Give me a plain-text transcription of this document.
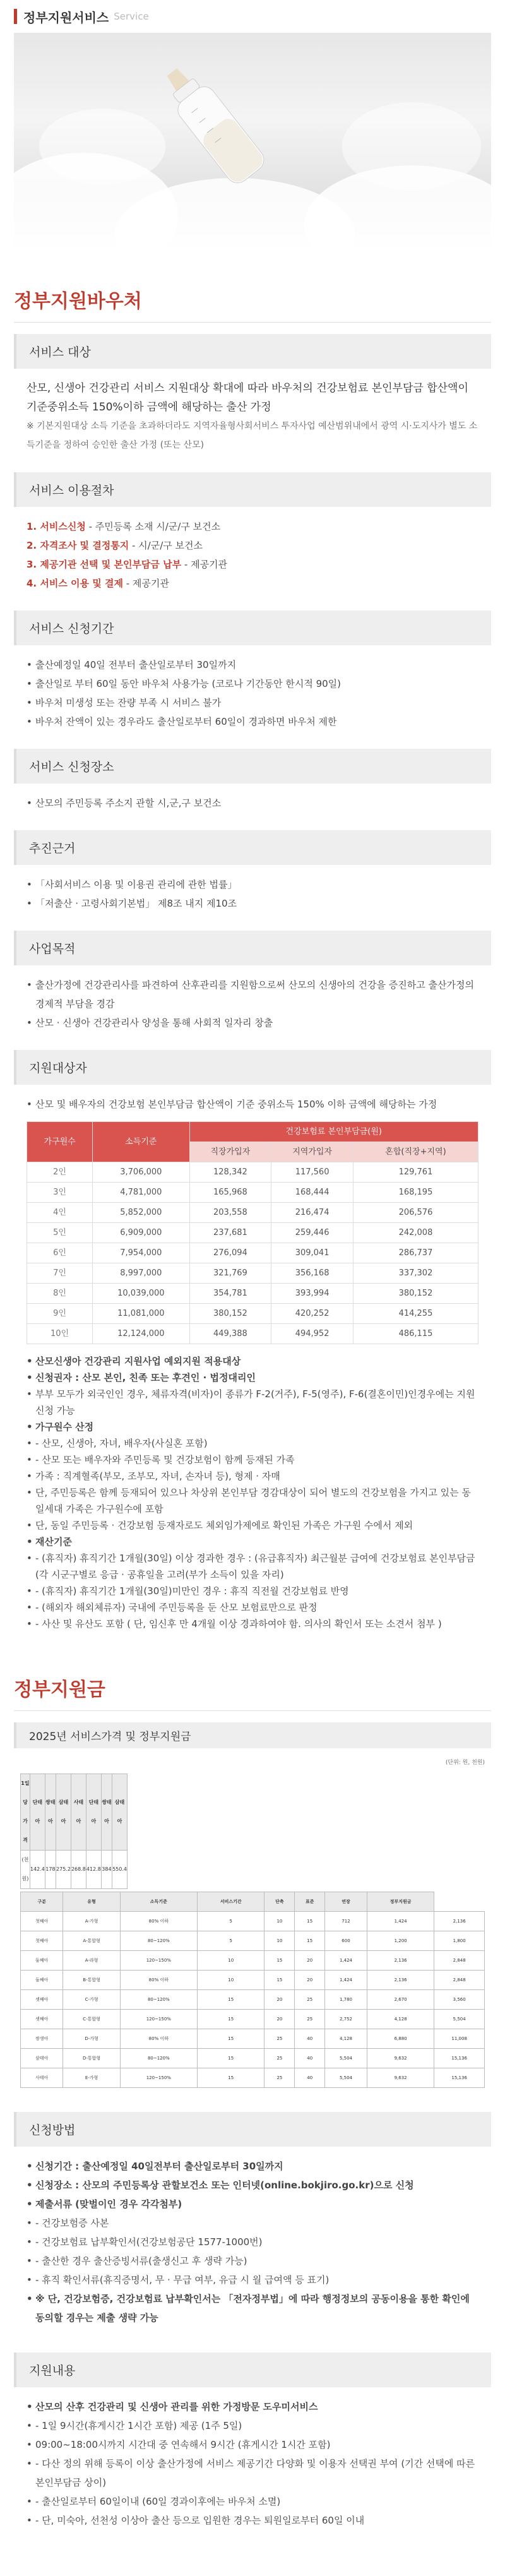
정부지원서비스 Service
정부지원바우처
서비스 대상

산모, 신생아 건강관리 서비스 지원대상 확대에 따라 바우처의 건강보험료 본인부담금 합산액이 기준중위소득 150%이하 금액에 해당하는 출산 가정

※ 기본지원대상 소득 기준을 초과하더라도 지역자율형사회서비스 투자사업 예산범위내에서 광역 시·도지사가 별도 소득기준을 정하여 승인한 출산 가정 (또는 산모)

서비스 이용절차
1. 서비스신청 - 주민등록 소재 시/군/구 보건소
2. 자격조사 및 결정통지 - 시/군/구 보건소
3. 제공기관 선택 및 본인부담금 납부 - 제공기관
4. 서비스 이용 및 결제 - 제공기관
서비스 신청기간
• 출산예정일 40일 전부터 출산일로부터 30일까지
• 출산일로 부터 60일 동안 바우처 사용가능 (코로나 기간동안 한시적 90일)
• 바우처 미생성 또는 잔량 부족 시 서비스 불가
• 바우처 잔액이 있는 경우라도 출산일로부터 60일이 경과하면 바우처 제한
서비스 신청장소
• 산모의 주민등록 주소지 관할 시,군,구 보건소
추진근거
• 「사회서비스 이용 및 이용권 관리에 관한 법률」
• 「저출산 · 고령사회기본법」 제8조 내지 제10조
사업목적
• 출산가정에 건강관리사를 파견하여 산후관리를 지원함으로써 산모의 신생아의 건강을 증진하고 출산가정의 경제적 부담을 경감
• 산모 · 신생아 건강관리사 양성을 통해 사회적 일자리 창출
지원대상자
• 산모 및 배우자의 건강보험 본인부담금 합산액이 기준 중위소득 150% 이하 금액에 해당하는 가정
가구원수	소득기준	건강보험료 본인부담금(원)		
		직장가입자	지역가입자	혼합(직장+지역)
2인	3,706,000	128,342	117,560	129,761
3인	4,781,000	165,968	168,444	168,195
4인	5,852,000	203,558	216,474	206,576
5인	6,909,000	237,681	259,446	242,008
6인	7,954,000	276,094	309,041	286,737
7인	8,997,000	321,769	356,168	337,302
8인	10,039,000	354,781	393,994	380,152
9인	11,081,000	380,152	420,252	414,255
10인	12,124,000	449,388	494,952	486,115
• 산모신생아 건강관리 지원사업 예외지원 적용대상
• 신청권자 : 산모 본인, 친족 또는 후견인 · 법정대리인
• 부부 모두가 외국인인 경우, 체류자격(비자)이 종류가 F-2(거주), F-5(영주), F-6(결혼이민)인경우에는 지원신청 가능
• 가구원수 산정
• - 산모, 신생아, 자녀, 배우자(사실혼 포함)
• - 산모 또는 배우자와 주민등록 및 건강보험이 함께 등재된 가족
• 가족 : 직계혈족(부모, 조부모, 자녀, 손자녀 등), 형제 · 자매
• 단, 주민등록은 함께 등재되어 있으나 차상위 본인부담 경감대상이 되어 별도의 건강보험을 가지고 있는 동일세대 가족은 가구원수에 포함
• 단, 동일 주민등록 · 건강보험 등재자로도 체외임가제에로 확인된 가족은 가구원 수에서 제외
• 재산기준
• - (휴직자) 휴직기간 1개월(30일) 이상 경과한 경우 : (유급휴직자) 최근월분 급여에 건강보험료 본인부담금(각 시군구별로 응급 · 공휴일을 고려(부가 소득이 있을 자리)
• - (휴직자) 휴직기간 1개월(30일)미만인 경우 : 휴직 직전월 건강보험료 반영
• - (해외자 해외체류자) 국내에 주민등록을 둔 산모 보험료만으로 판정
• - 사산 및 유산도 포함 ( 단, 임신후 만 4개월 이상 경과하여야 함. 의사의 확인서 또는 소견서 첨부 )
정부지원금
2025년 서비스가격 및 정부지원금
(단위: 원, 천원)
1일당가격	단태아	쌍태아	삼태아	사태아	단태아	쌍태아	삼태아
(천원)	142.4	178	275.2	268.8	412.8	384	550.4
구분	유형	소득기준	서비스기간	단축	표준	연장	정부지원금	
첫째아	A-가형	80% 이하	5	10	15	712	1,424	2,136
첫째아	A-통합형	80~120%	5	10	15	600	1,200	1,800
둘째아	A-라형	120~150%	10	15	20	1,424	2,136	2,848
둘째아	B-통합형	80% 이하	10	15	20	1,424	2,136	2,848
셋째아	C-가형	80~120%	15	20	25	1,780	2,670	3,560
셋째아	C-통합형	120~150%	15	20	25	2,752	4,128	5,504
쌍생아	D-가형	80% 이하	15	25	40	4,128	6,880	11,008
삼태아	D-통합형	80~120%	15	25	40	5,504	9,632	15,136
사태아	E-가형	120~150%	15	25	40	5,504	9,632	15,136
신청방법
• 신청기간 : 출산예정일 40일전부터 출산일로부터 30일까지
• 신청장소 : 산모의 주민등록상 관할보건소 또는 인터넷(online.bokjiro.go.kr)으로 신청
• 제출서류 (맞벌이인 경우 각각첨부)
• - 건강보험증 사본
• - 건강보험료 납부확인서(건강보험공단 1577-1000번)
• - 출산한 경우 출산증빙서류(출생신고 후 생략 가능)
• - 휴직 확인서류(휴직증명서, 무 · 무급 여부, 유급 시 월 급여액 등 표기)
• ※ 단, 건강보험증, 건강보험료 납부확인서는 「전자정부법」에 따라 행정정보의 공동이용을 통한 확인에 동의할 경우는 제출 생략 가능
지원내용
• 산모의 산후 건강관리 및 신생아 관리를 위한 가정방문 도우미서비스
• - 1일 9시간(휴게시간 1시간 포함) 제공 (1주 5일)
• 09:00~18:00시까지 시간대 중 연속해서 9시간 (휴게시간 1시간 포함)
• - 다산 정의 위해 등록이 이상 출산가정에 서비스 제공기간 다양화 및 이용자 선택권 부여 (기간 선택에 따른 본인부담금 상이)
• - 출산일로부터 60일이내 (60일 경과이후에는 바우처 소멸)
• - 단, 미숙아, 선천성 이상아 출산 등으로 입원한 경우는 퇴원일로부터 60일 이내
